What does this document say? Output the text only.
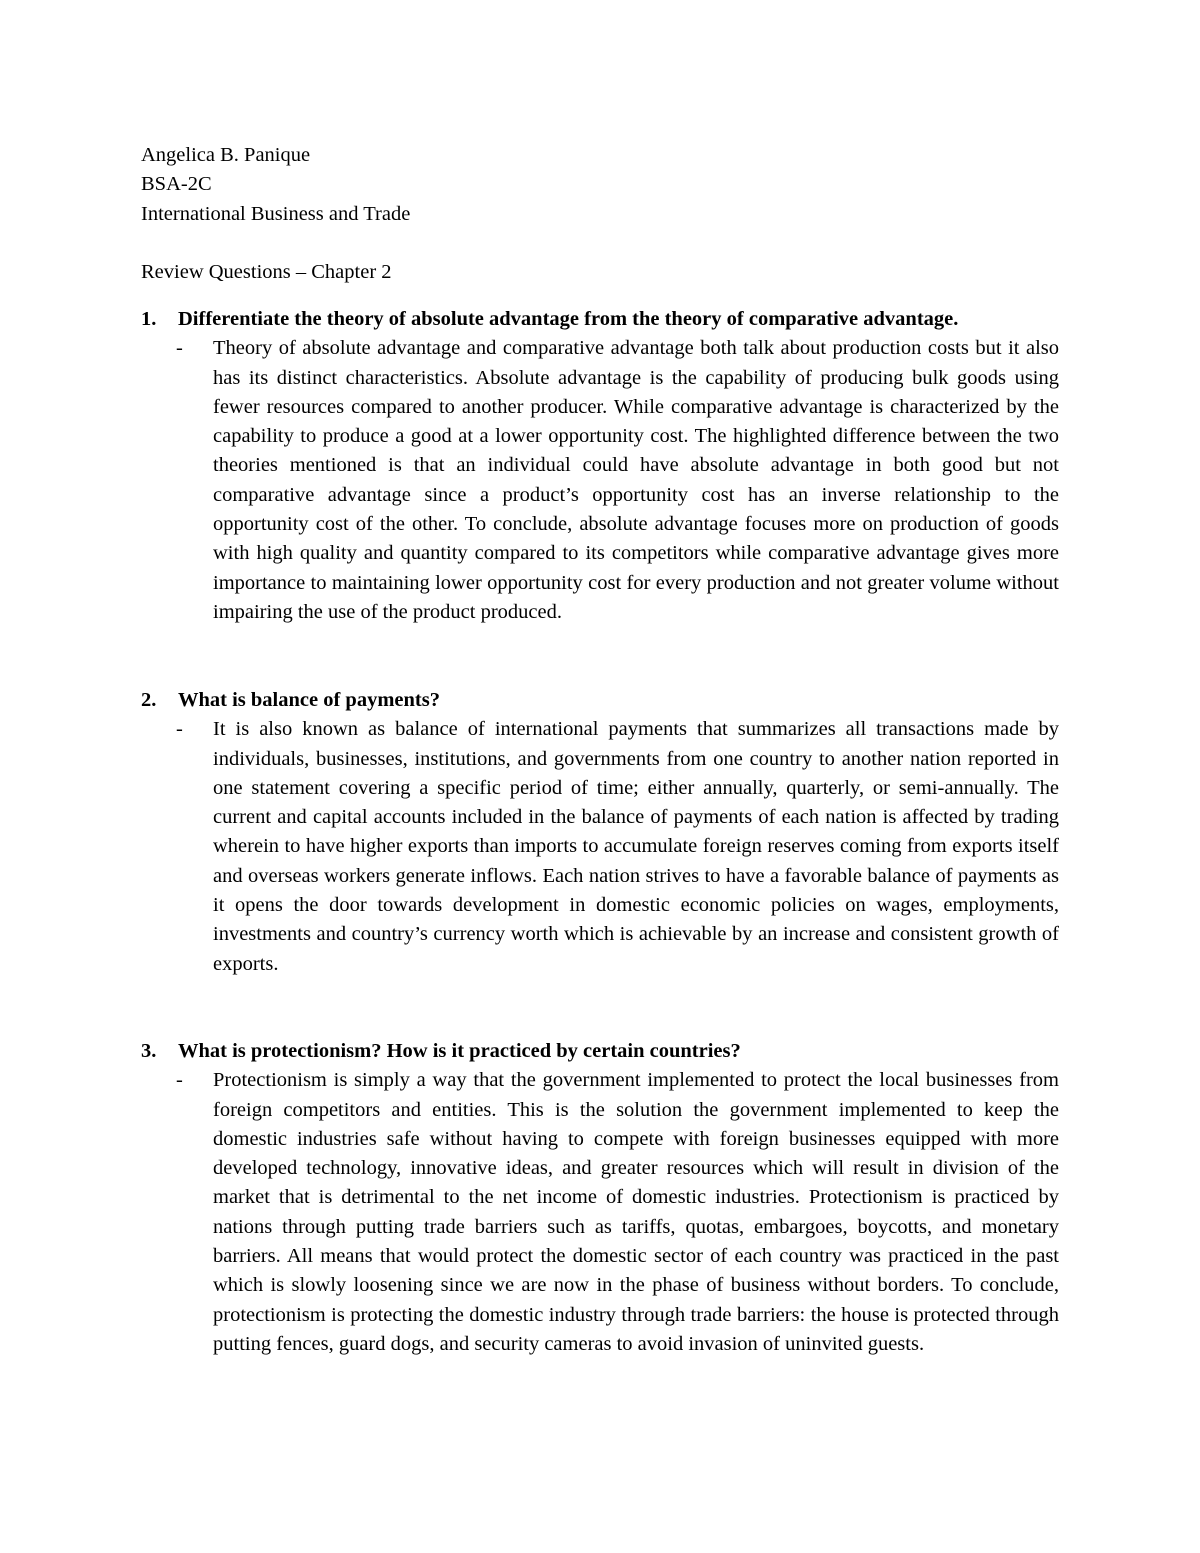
Angelica B. Panique
BSA-2C
International Business and Trade
Review Questions – Chapter 2
1. Differentiate the theory of absolute advantage from the theory of comparative advantage.
- Theory of absolute advantage and comparative advantage both talk about production costs but it also has its distinct characteristics. Absolute advantage is the capability of producing bulk goods using fewer resources compared to another producer. While comparative advantage is characterized by the capability to produce a good at a lower opportunity cost. The highlighted difference between the two theories mentioned is that an individual could have absolute advantage in both good but not comparative advantage since a product’s opportunity cost has an inverse relationship to the opportunity cost of the other. To conclude, absolute advantage focuses more on production of goods with high quality and quantity compared to its competitors while comparative advantage gives more importance to maintaining lower opportunity cost for every production and not greater volume without impairing the use of the product produced.
2. What is balance of payments?
- It is also known as balance of international payments that summarizes all transactions made by individuals, businesses, institutions, and governments from one country to another nation reported in one statement covering a specific period of time; either annually, quarterly, or semi-annually. The current and capital accounts included in the balance of payments of each nation is affected by trading wherein to have higher exports than imports to accumulate foreign reserves coming from exports itself and overseas workers generate inflows. Each nation strives to have a favorable balance of payments as it opens the door towards development in domestic economic policies on wages, employments, investments and country’s currency worth which is achievable by an increase and consistent growth of exports.
3. What is protectionism? How is it practiced by certain countries?
- Protectionism is simply a way that the government implemented to protect the local businesses from foreign competitors and entities. This is the solution the government implemented to keep the domestic industries safe without having to compete with foreign businesses equipped with more developed technology, innovative ideas, and greater resources which will result in division of the market that is detrimental to the net income of domestic industries. Protectionism is practiced by nations through putting trade barriers such as tariffs, quotas, embargoes, boycotts, and monetary barriers. All means that would protect the domestic sector of each country was practiced in the past which is slowly loosening since we are now in the phase of business without borders. To conclude, protectionism is protecting the domestic industry through trade barriers: the house is protected through putting fences, guard dogs, and security cameras to avoid invasion of uninvited guests.
